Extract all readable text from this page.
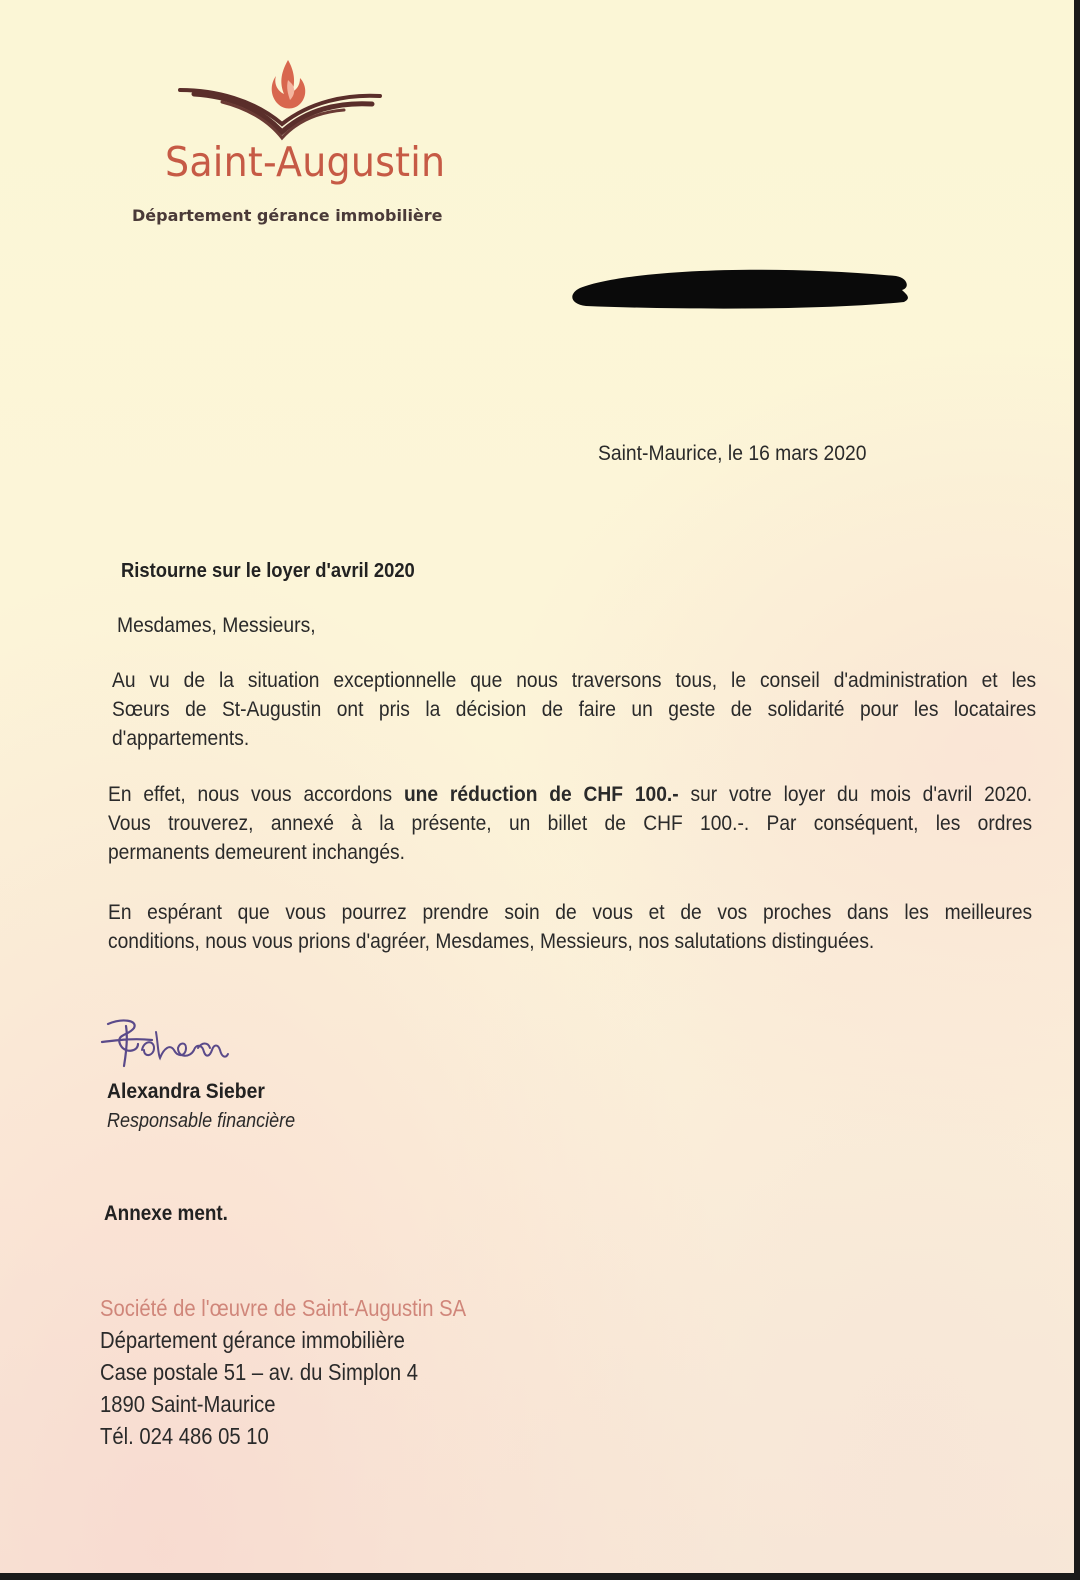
Saint-Augustin
Département gérance immobilière
Saint-Maurice, le 16 mars 2020
Ristourne sur le loyer d'avril 2020
Mesdames, Messieurs,
Au vu de la situation exceptionnelle que nous traversons tous, le conseil d'administration et les
Sœurs de St-Augustin ont pris la décision de faire un geste de solidarité pour les locataires
d'appartements.
En effet, nous vous accordons une réduction de CHF 100.- sur votre loyer du mois d'avril 2020.
Vous trouverez, annexé à la présente, un billet de CHF 100.-. Par conséquent, les ordres
permanents demeurent inchangés.
En espérant que vous pourrez prendre soin de vous et de vos proches dans les meilleures
conditions, nous vous prions d'agréer, Mesdames, Messieurs, nos salutations distinguées.
Alexandra Sieber
Responsable financière
Annexe ment.
Société de l'œuvre de Saint-Augustin SA
Département gérance immobilière
Case postale 51 – av. du Simplon 4
1890 Saint-Maurice
Tél. 024 486 05 10
